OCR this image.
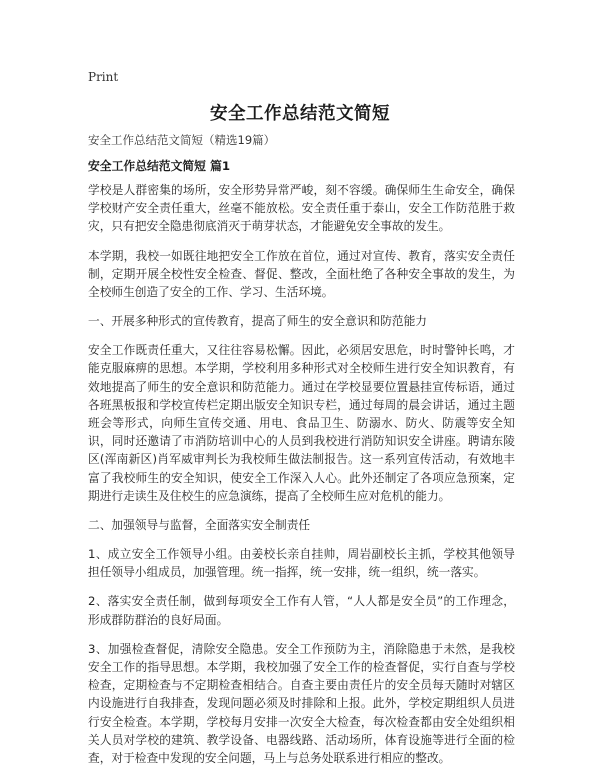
Print
安全工作总结范文简短

安全工作总结范文简短（精选19篇）

安全工作总结范文简短 篇1

学校是人群密集的场所，安全形势异常严峻，刻不容缓。确保师生生命安全，确保学校财产安全责任重大，丝毫不能放松。安全责任重于泰山，安全工作防范胜于救灾，只有把安全隐患彻底消灭于萌芽状态，才能避免安全事故的发生。

本学期，我校一如既往地把安全工作放在首位，通过对宣传、教育，落实安全责任制，定期开展全校性安全检查、督促、整改，全面杜绝了各种安全事故的发生，为全校师生创造了安全的工作、学习、生活环境。

一、开展多种形式的宣传教育，提高了师生的安全意识和防范能力

安全工作既责任重大，又往往容易松懈。因此，必须居安思危，时时警钟长鸣，才能克服麻痹的思想。本学期，学校利用多种形式对全校师生进行安全知识教育，有效地提高了师生的安全意识和防范能力。通过在学校显要位置悬挂宣传标语，通过各班黑板报和学校宣传栏定期出版安全知识专栏，通过每周的晨会讲话，通过主题班会等形式，向师生宣传交通、用电、食品卫生、防溺水、防火、防震等安全知识，同时还邀请了市消防培训中心的人员到我校进行消防知识安全讲座。聘请东陵区(浑南新区)肖军威审判长为我校师生做法制报告。这一系列宣传活动，有效地丰富了我校师生的安全知识，使安全工作深入人心。此外还制定了各项应急预案，定期进行走读生及住校生的应急演练，提高了全校师生应对危机的能力。

二、加强领导与监督，全面落实安全制责任

1、成立安全工作领导小组。由姜校长亲自挂帅，周岩副校长主抓，学校其他领导担任领导小组成员，加强管理。统一指挥，统一安排，统一组织，统一落实。

2、落实安全责任制，做到每项安全工作有人管，“人人都是安全员”的工作理念，形成群防群治的良好局面。

3、加强检查督促，清除安全隐患。安全工作预防为主，消除隐患于未然，是我校安全工作的指导思想。本学期，我校加强了安全工作的检查督促，实行自查与学校检查，定期检查与不定期检查相结合。自查主要由责任片的安全员每天随时对辖区内设施进行自我排查，发现问题必须及时排除和上报。此外，学校定期组织人员进行安全检查。本学期，学校每月安排一次安全大检查，每次检查都由安全处组织相关人员对学校的建筑、教学设备、电器线路、活动场所，体育设施等进行全面的检查，对于检查中发现的安全问题，马上与总务处联系进行相应的整改。
